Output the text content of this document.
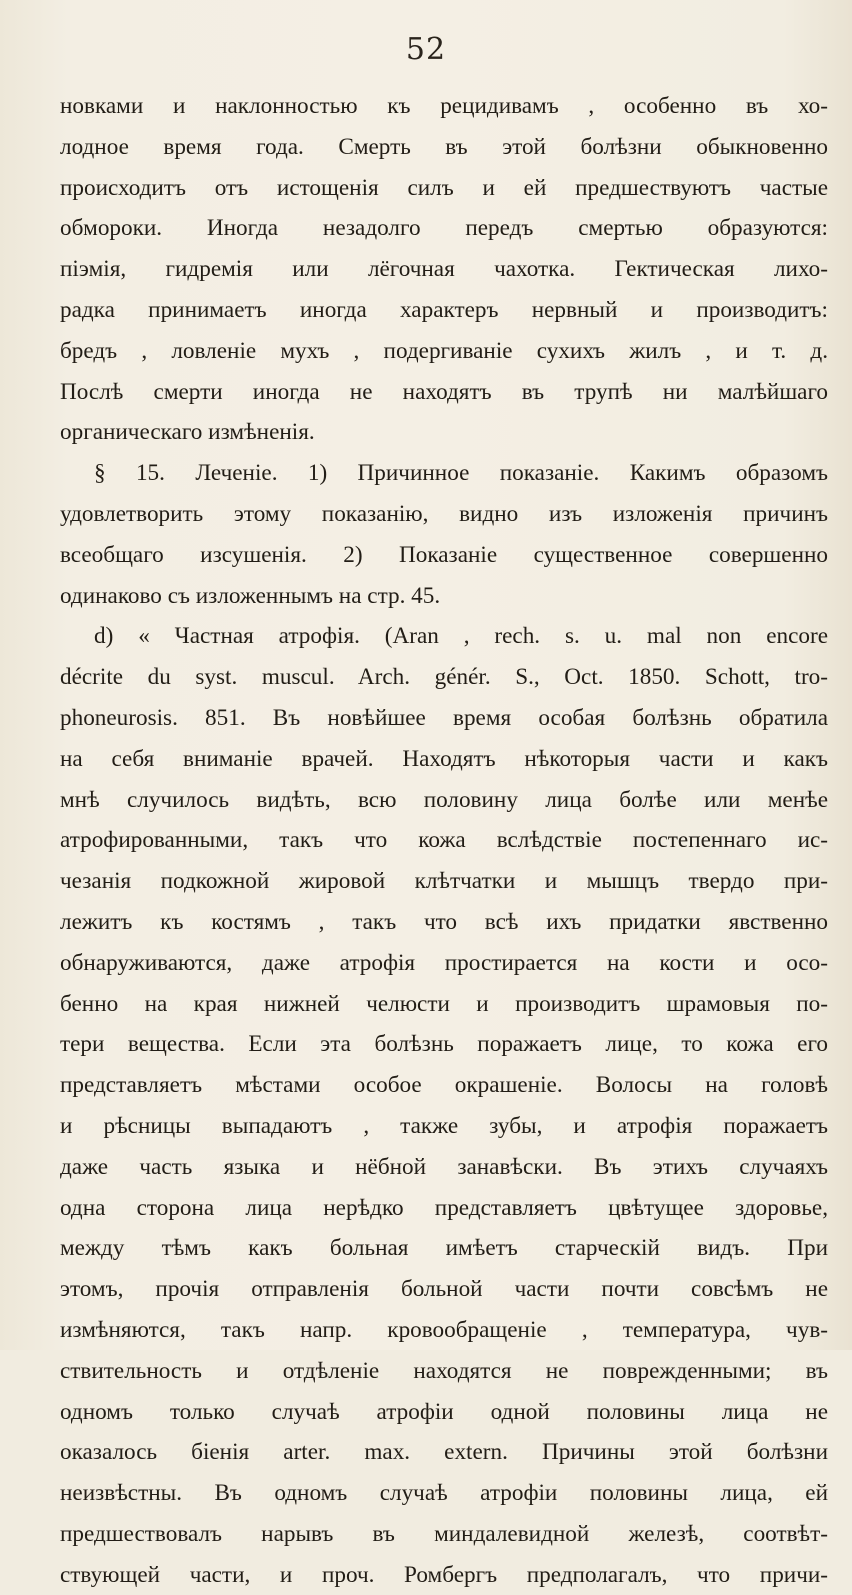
52
новками и наклонностью къ рецидивамъ , особенно въ хо-
лодное время года. Смерть въ этой болѣзни обыкновенно
происходитъ отъ истощенія силъ и ей предшествуютъ частые
обмороки. Иногда незадолго передъ смертью образуются:
піэмія, гидремія или лёгочная чахотка. Гектическая лихо-
радка принимаетъ иногда характеръ нервный и производитъ:
бредъ , ловленіе мухъ , подергиваніе сухихъ жилъ , и т. д.
Послѣ смерти иногда не находятъ въ трупѣ ни малѣйшаго
органическаго измѣненія.
§ 15. Леченіе. 1) Причинное показаніе. Какимъ образомъ
удовлетворить этому показанію, видно изъ изложенія причинъ
всеобщаго изсушенія. 2) Показаніе существенное совершенно
одинаково съ изложеннымъ на стр. 45.
d) « Частная атрофія. (Aran , rech. s. u. mal non encore
décrite du syst. muscul. Arch. génér. S., Oct. 1850. Schott, tro-
phoneurosis. 851. Въ новѣйшее время особая болѣзнь обратила
на себя вниманіе врачей. Находятъ нѣкоторыя части и какъ
мнѣ случилось видѣть, всю половину лица болѣе или менѣе
атрофированными, такъ что кожа вслѣдствіе постепеннаго ис-
чезанія подкожной жировой клѣтчатки и мышцъ твердо при-
лежитъ къ костямъ , такъ что всѣ ихъ придатки явственно
обнаруживаются, даже атрофія простирается на кости и осо-
бенно на края нижней челюсти и производитъ шрамовыя по-
тери вещества. Если эта болѣзнь поражаетъ лице, то кожа его
представляетъ мѣстами особое окрашеніе. Волосы на головѣ
и рѣсницы выпадаютъ , также зубы, и атрофія поражаетъ
даже часть языка и нёбной занавѣски. Въ этихъ случаяхъ
одна сторона лица нерѣдко представляетъ цвѣтущее здоровье,
между тѣмъ какъ больная имѣетъ старческій видъ. При
этомъ, прочія отправленія больной части почти совсѣмъ не
измѣняются, такъ напр. кровообращеніе , температура, чув-
ствительность и отдѣленіе находятся не поврежденными; въ
одномъ только случаѣ атрофіи одной половины лица не
оказалось біенія arter. max. extern. Причины этой болѣзни
неизвѣстны. Въ одномъ случаѣ атрофіи половины лица, ей
предшествовалъ нарывъ въ миндалевидной железѣ, соотвѣт-
ствующей части, и проч. Ромбергъ предполагалъ, что причи-
